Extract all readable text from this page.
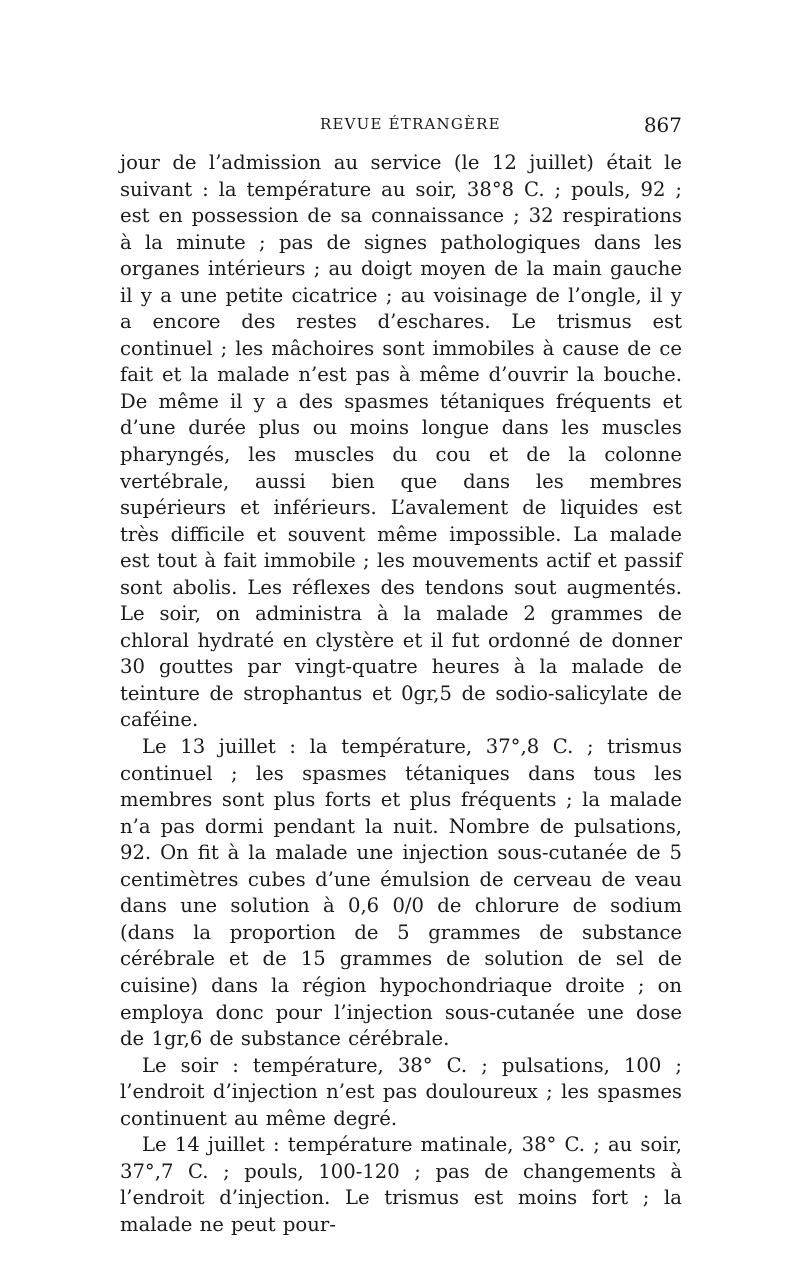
REVUE ÉTRANGÈRE	867

jour de l’admission au service (le 12 juillet) était le suivant : la température au soir, 38°8 C. ; pouls, 92 ; est en possession de sa connaissance ; 32 respirations à la minute ; pas de signes pathologiques dans les organes intérieurs ; au doigt moyen de la main gauche il y a une petite cicatrice ; au voisinage de l’ongle, il y a encore des restes d’eschares. Le trismus est continuel ; les mâchoires sont immobiles à cause de ce fait et la malade n’est pas à même d’ouvrir la bouche. De même il y a des spasmes tétaniques fréquents et d’une durée plus ou moins longue dans les muscles pharyngés, les muscles du cou et de la colonne vertébrale, aussi bien que dans les membres supérieurs et inférieurs. L’avalement de liquides est très difficile et souvent même impossible. La malade est tout à fait immobile ; les mouvements actif et passif sont abolis. Les réflexes des tendons sout augmentés. Le soir, on administra à la malade 2 grammes de chloral hydraté en clystère et il fut ordonné de donner 30 gouttes par vingt-quatre heures à la malade de teinture de strophantus et 0gr,5 de sodio-salicylate de caféine.

Le 13 juillet : la température, 37°,8 C. ; trismus continuel ; les spasmes tétaniques dans tous les membres sont plus forts et plus fréquents ; la malade n’a pas dormi pendant la nuit. Nombre de pulsations, 92. On fit à la malade une injection sous-cutanée de 5 centimètres cubes d’une émulsion de cerveau de veau dans une solution à 0,6 0/0 de chlorure de sodium (dans la proportion de 5 grammes de substance cérébrale et de 15 grammes de solution de sel de cuisine) dans la région hypochondriaque droite ; on employa donc pour l’injection sous-cutanée une dose de 1gr,6 de substance cérébrale.

Le soir : température, 38° C. ; pulsations, 100 ; l’endroit d’injection n’est pas douloureux ; les spasmes continuent au même degré.

Le 14 juillet : température matinale, 38° C. ; au soir, 37°,7 C. ; pouls, 100-120 ; pas de changements à l’endroit d’injection. Le trismus est moins fort ; la malade ne peut pour-
